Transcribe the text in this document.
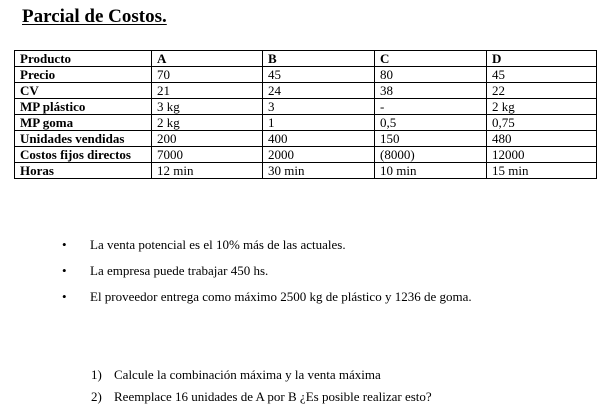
Parcial de Costos.
Producto	A	B	C	D
Precio	70	45	80	45
CV	21	24	38	22
MP plástico	3 kg	3	-	2 kg
MP goma	2 kg	1	0,5	0,75
Unidades vendidas	200	400	150	480
Costos fijos directos	7000	2000	(8000)	12000
Horas	12 min	30 min	10 min	15 min
• La venta potencial es el 10% más de las actuales.
• La empresa puede trabajar 450 hs.
• El proveedor entrega como máximo 2500 kg de plástico y 1236 de goma.
1) Calcule la combinación máxima y la venta máxima
2) Reemplace 16 unidades de A por B ¿Es posible realizar esto?
